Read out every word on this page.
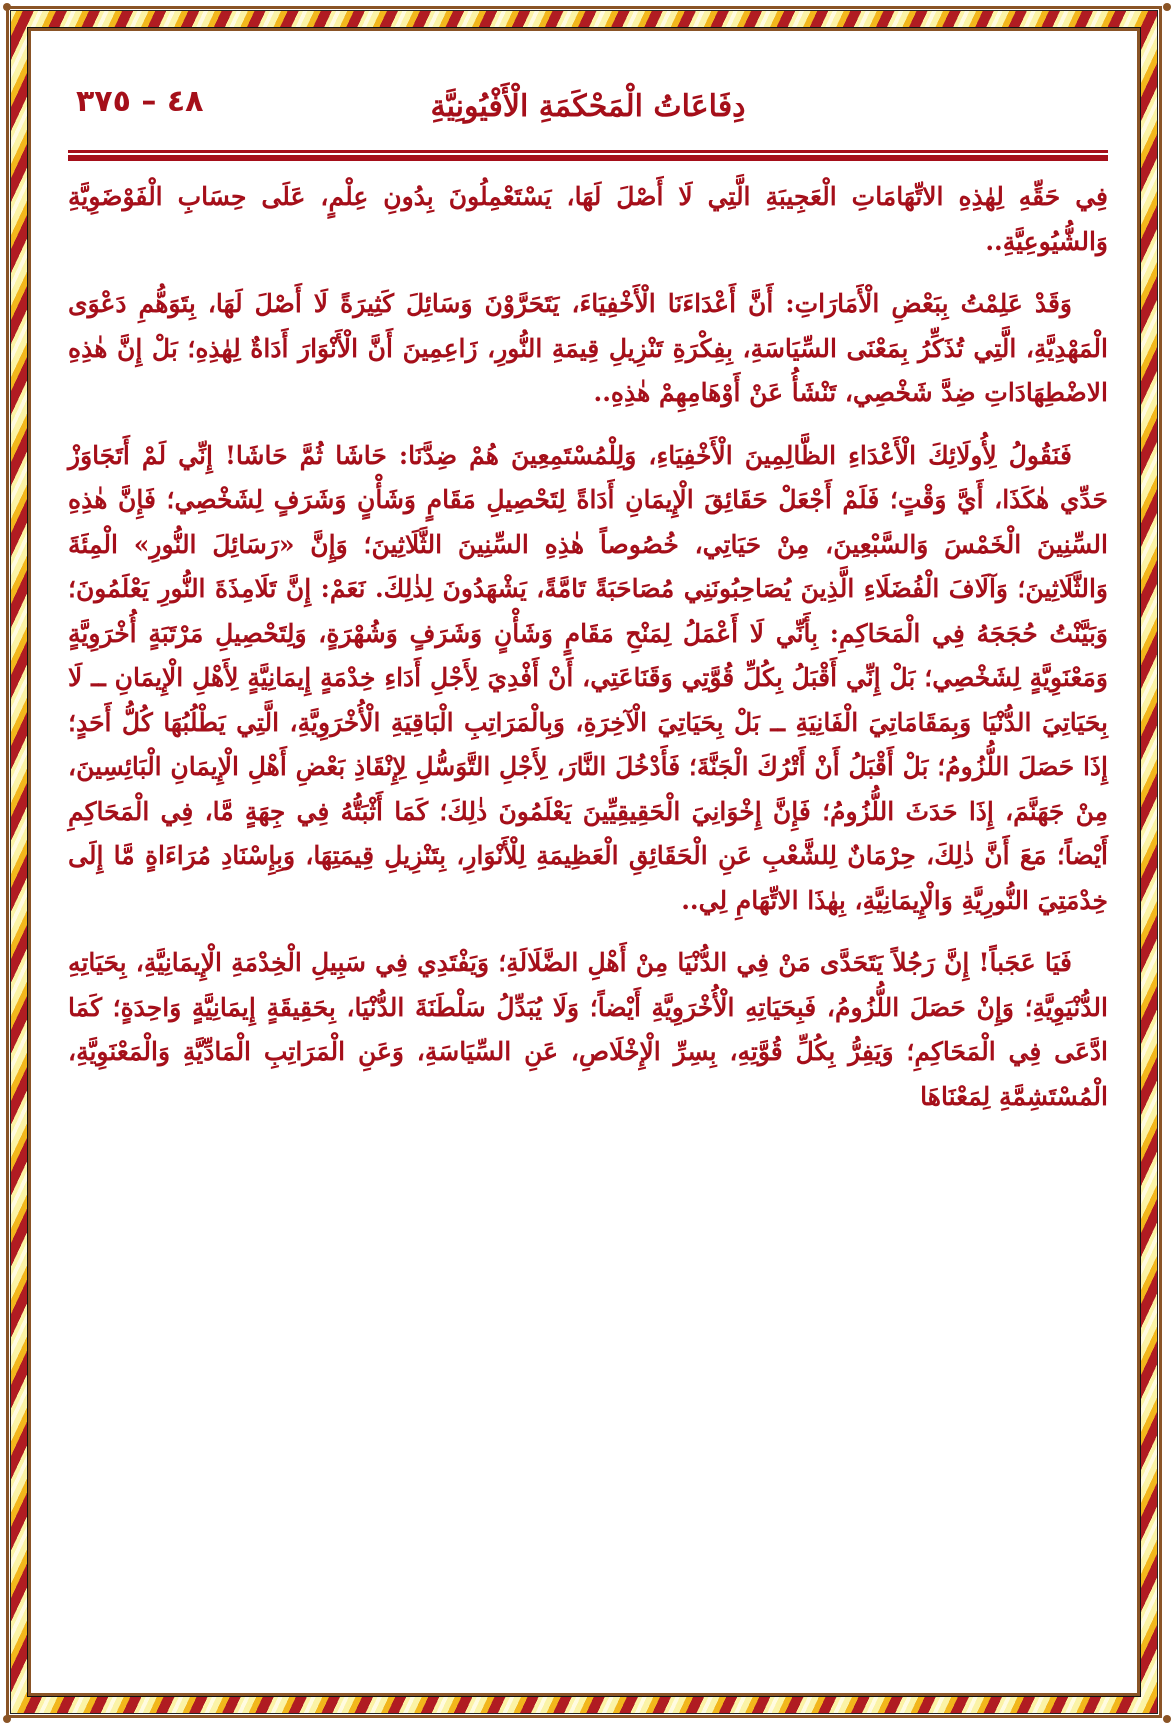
دِفَاعَاتُ الْمَحْكَمَةِ الْأَفْيُونِيَّةِ
٤٨ – ٣٧٥

فِي حَقِّهِ لِهٰذِهِ الاتِّهَامَاتِ الْعَجِيبَةِ الَّتِي لَا أَصْلَ لَهَا، يَسْتَعْمِلُونَ بِدُونِ عِلْمٍ، عَلَى حِسَابِ الْفَوْضَوِيَّةِ وَالشُّيُوعِيَّةِ..

وَقَدْ عَلِمْتُ بِبَعْضِ الْأَمَارَاتِ: أَنَّ أَعْدَاءَنَا الْأَخْفِيَاءَ، يَتَحَرَّوْنَ وَسَائِلَ كَثِيرَةً لَا أَصْلَ لَهَا، بِتَوَهُّمِ دَعْوَى الْمَهْدِيَّةِ، الَّتِي تُذَكِّرُ بِمَعْنَى السِّيَاسَةِ، بِفِكْرَةِ تَنْزِيلِ قِيمَةِ النُّورِ، زَاعِمِينَ أَنَّ الْأَنْوَارَ أَدَاةٌ لِهٰذِهِ؛ بَلْ إِنَّ هٰذِهِ الاضْطِهَادَاتِ ضِدَّ شَخْصِي، تَنْشَأُ عَنْ أَوْهَامِهِمْ هٰذِهِ..

فَنَقُولُ لِأُولَائِكَ الْأَعْدَاءِ الظَّالِمِينَ الْأَخْفِيَاءِ، وَلِلْمُسْتَمِعِينَ هُمْ ضِدَّنَا: حَاشَا ثُمَّ حَاشَا! إِنِّي لَمْ أَتَجَاوَزْ حَدِّي هٰكَذَا، أَيَّ وَقْتٍ؛ فَلَمْ أَجْعَلْ حَقَائِقَ الْإِيمَانِ أَدَاةً لِتَحْصِيلِ مَقَامٍ وَشَأْنٍ وَشَرَفٍ لِشَخْصِي؛ فَإِنَّ هٰذِهِ السِّنِينَ الْخَمْسَ وَالسَّبْعِينَ، مِنْ حَيَاتِي، خُصُوصاً هٰذِهِ السِّنِينَ الثَّلَاثِينَ؛ وَإِنَّ «رَسَائِلَ النُّورِ» الْمِئَةَ وَالثَّلَاثِينَ؛ وَآلَافَ الْفُضَلَاءِ الَّذِينَ يُصَاحِبُونَنِي مُصَاحَبَةً تَامَّةً، يَشْهَدُونَ لِذٰلِكَ. نَعَمْ: إِنَّ تَلَامِذَةَ النُّورِ يَعْلَمُونَ؛ وَبَيَّنْتُ حُجَجَهُ فِي الْمَحَاكِمِ: بِأَنِّي لَا أَعْمَلُ لِمَنْحِ مَقَامٍ وَشَأْنٍ وَشَرَفٍ وَشُهْرَةٍ، وَلِتَحْصِيلِ مَرْتَبَةٍ أُخْرَوِيَّةٍ وَمَعْنَوِيَّةٍ لِشَخْصِي؛ بَلْ إِنِّي أَقْبَلُ بِكُلِّ قُوَّتِي وَقَنَاعَتِي، أَنْ أَفْدِيَ لِأَجْلِ أَدَاءِ خِدْمَةٍ إِيمَانِيَّةٍ لِأَهْلِ الْإِيمَانِ ــ لَا بِحَيَاتِيَ الدُّنْيَا وَبِمَقَامَاتِيَ الْفَانِيَةِ ــ بَلْ بِحَيَاتِيَ الْآخِرَةِ، وَبِالْمَرَاتِبِ الْبَاقِيَةِ الْأُخْرَوِيَّةِ، الَّتِي يَطْلُبُهَا كُلُّ أَحَدٍ؛ إِذَا حَصَلَ اللُّزُومُ؛ بَلْ أَقْبَلُ أَنْ أَتْرُكَ الْجَنَّةَ؛ فَأَدْخُلَ النَّارَ، لِأَجْلِ التَّوَسُّلِ لِإِنْقَاذِ بَعْضِ أَهْلِ الْإِيمَانِ الْبَائِسِينَ، مِنْ جَهَنَّمَ، إِذَا حَدَثَ اللُّزُومُ؛ فَإِنَّ إِخْوَانِيَ الْحَقِيقِيِّينَ يَعْلَمُونَ ذٰلِكَ؛ كَمَا أَثْبَتُّهُ فِي جِهَةٍ مَّا، فِي الْمَحَاكِمِ أَيْضاً؛ مَعَ أَنَّ ذٰلِكَ، حِرْمَانٌ لِلشَّعْبِ عَنِ الْحَقَائِقِ الْعَظِيمَةِ لِلْأَنْوَارِ، بِتَنْزِيلِ قِيمَتِهَا، وَبِإِسْنَادِ مُرَاءَاةٍ مَّا إِلَى خِدْمَتِيَ النُّورِيَّةِ وَالْإِيمَانِيَّةِ، بِهٰذَا الاتِّهَامِ لِي..

فَيَا عَجَباً! إِنَّ رَجُلاً يَتَحَدَّى مَنْ فِي الدُّنْيَا مِنْ أَهْلِ الضَّلَالَةِ؛ وَيَفْتَدِي فِي سَبِيلِ الْخِدْمَةِ الْإِيمَانِيَّةِ، بِحَيَاتِهِ الدُّنْيَوِيَّةِ؛ وَإِنْ حَصَلَ اللُّزُومُ، فَبِحَيَاتِهِ الْأُخْرَوِيَّةِ أَيْضاً؛ وَلَا يُبَدِّلُ سَلْطَنَةَ الدُّنْيَا، بِحَقِيقَةٍ إِيمَانِيَّةٍ وَاحِدَةٍ؛ كَمَا ادَّعَى فِي الْمَحَاكِمِ؛ وَيَفِرُّ بِكُلِّ قُوَّتِهِ، بِسِرِّ الْإِخْلَاصِ، عَنِ السِّيَاسَةِ، وَعَنِ الْمَرَاتِبِ الْمَادِّيَّةِ وَالْمَعْنَوِيَّةِ، الْمُسْتَشِمَّةِ لِمَعْنَاهَا
